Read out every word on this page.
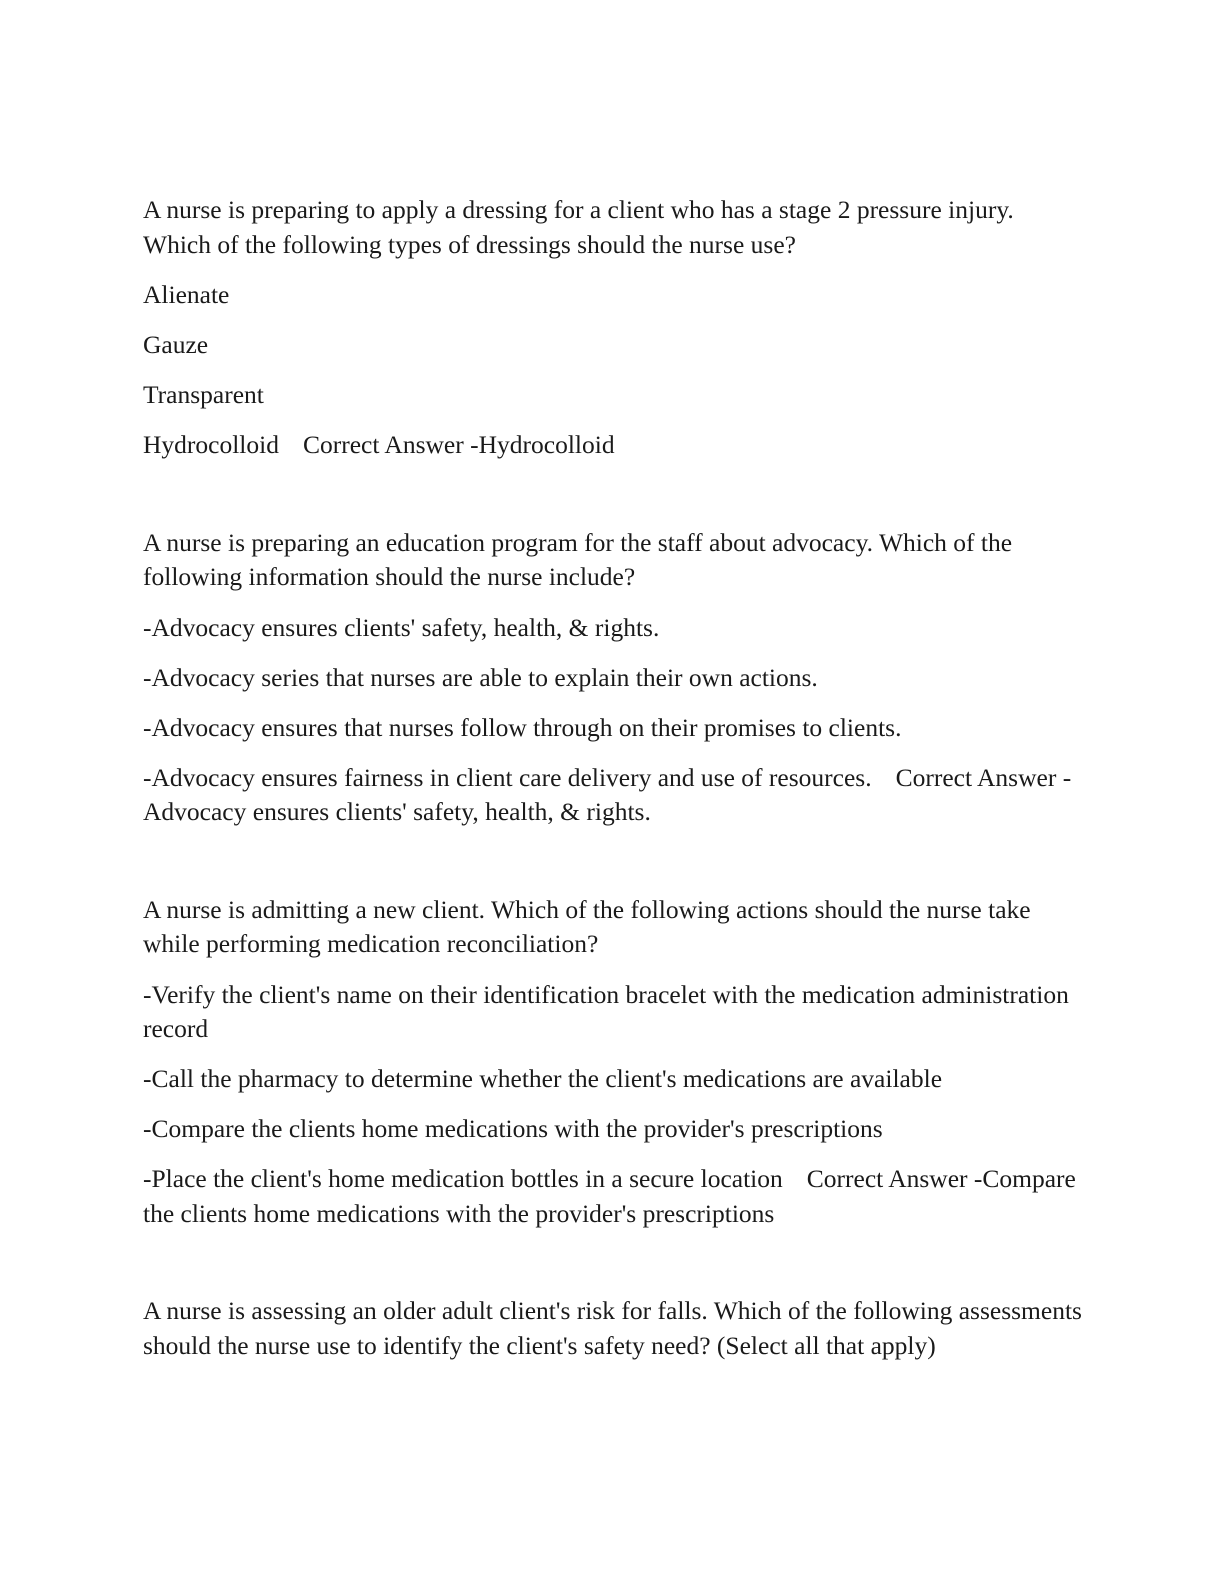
A nurse is preparing to apply a dressing for a client who has a stage 2 pressure injury. Which of the following types of dressings should the nurse use?

Alienate

Gauze

Transparent

Hydrocolloid Correct Answer -Hydrocolloid

A nurse is preparing an education program for the staff about advocacy. Which of the following information should the nurse include?

-Advocacy ensures clients' safety, health, & rights.

-Advocacy series that nurses are able to explain their own actions.

-Advocacy ensures that nurses follow through on their promises to clients.

-Advocacy ensures fairness in client care delivery and use of resources. Correct Answer -Advocacy ensures clients' safety, health, & rights.

A nurse is admitting a new client. Which of the following actions should the nurse take while performing medication reconciliation?

-Verify the client's name on their identification bracelet with the medication administration record

-Call the pharmacy to determine whether the client's medications are available

-Compare the clients home medications with the provider's prescriptions

-Place the client's home medication bottles in a secure location Correct Answer -Compare the clients home medications with the provider's prescriptions

A nurse is assessing an older adult client's risk for falls. Which of the following assessments should the nurse use to identify the client's safety need? (Select all that apply)
